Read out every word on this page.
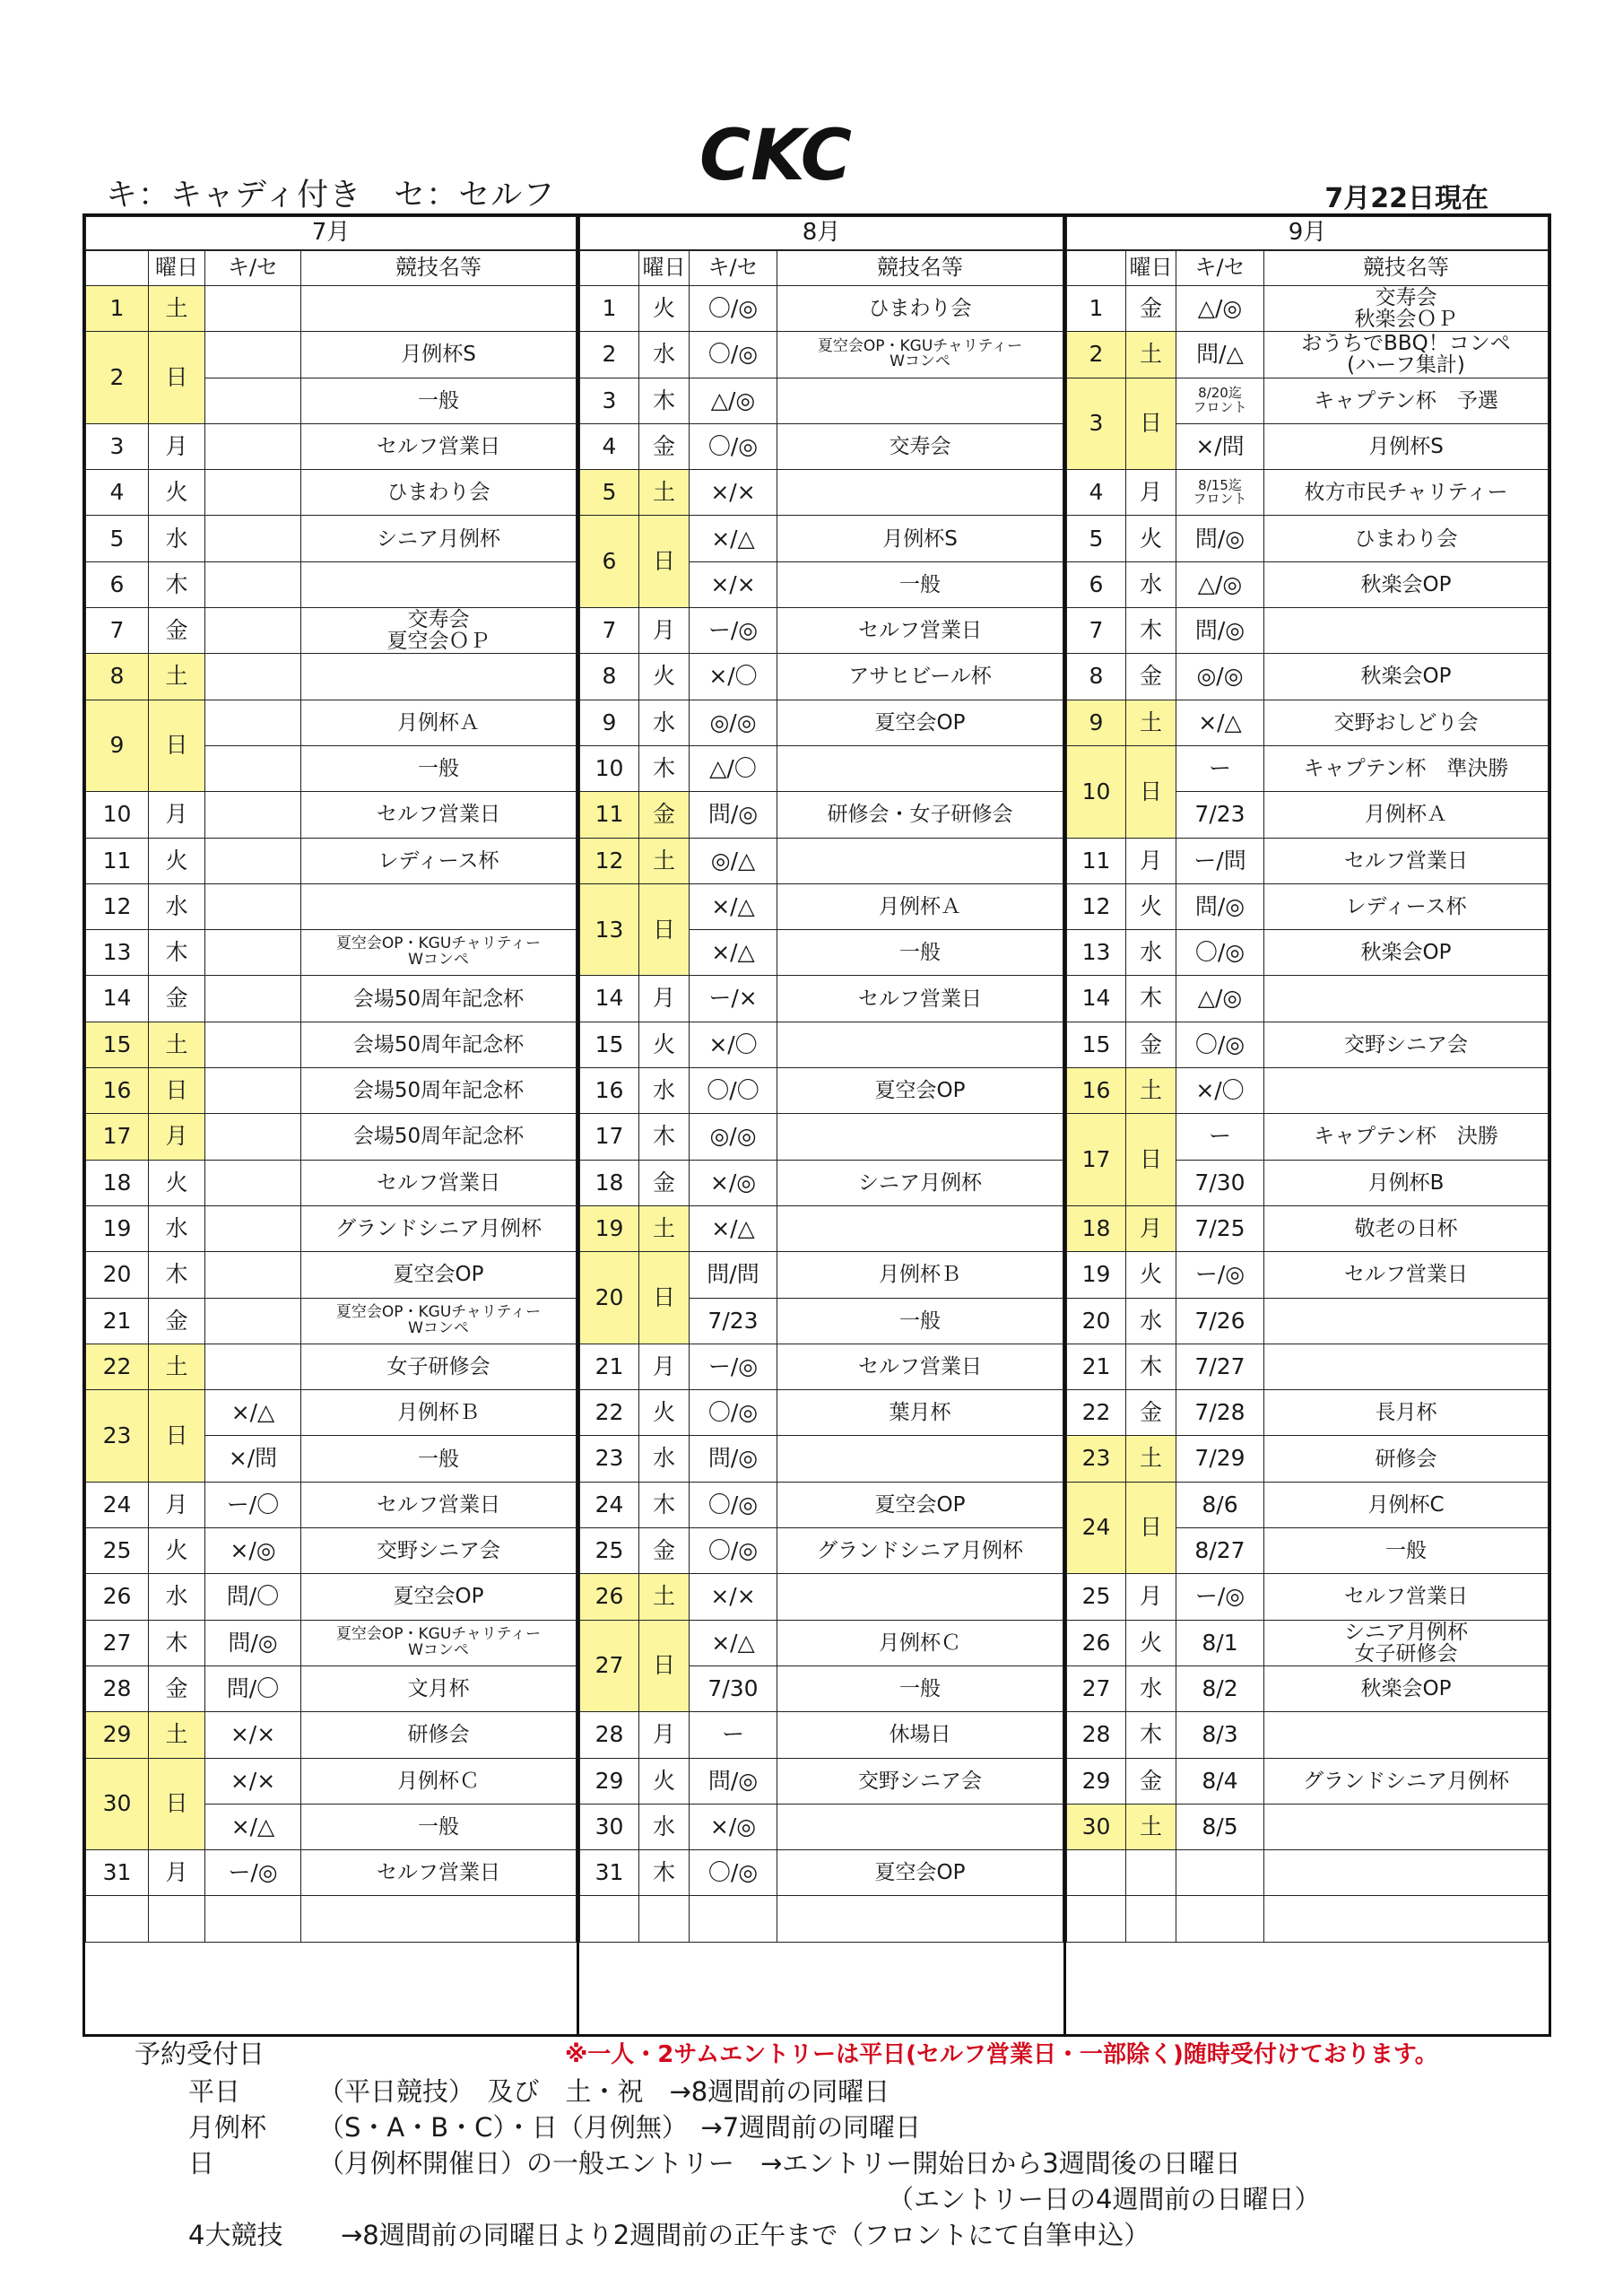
CKC
キ：キャディ付き　セ：セルフ	7月22日現在
7月			
	曜日	キ/セ	競技名等
1	土		
2	日		月例杯S
			一般
3	月		セルフ営業日
4	火		ひまわり会
5	水		シニア月例杯
6	木		
7	金		交寿会
夏空会ＯＰ
8	土		
9	日		月例杯Ａ
			一般
10	月		セルフ営業日
11	火		レディース杯
12	水		
13	木		夏空会OP・KGUチャリティー
Wコンペ
14	金		会場50周年記念杯
15	土		会場50周年記念杯
16	日		会場50周年記念杯
17	月		会場50周年記念杯
18	火		セルフ営業日
19	水		グランドシニア月例杯
20	木		夏空会OP
21	金		夏空会OP・KGUチャリティー
Wコンペ
22	土		女子研修会
23	日	×/△	月例杯Ｂ
		×/問	一般
24	月	ー/〇	セルフ営業日
25	火	×/◎	交野シニア会
26	水	問/〇	夏空会OP
27	木	問/◎	夏空会OP・KGUチャリティー
Wコンペ
28	金	問/〇	文月杯
29	土	×/×	研修会
30	日	×/×	月例杯Ｃ
		×/△	一般
31	月	ー/◎	セルフ営業日

8月			
	曜日	キ/セ	競技名等
1	火	〇/◎	ひまわり会
2	水	〇/◎	夏空会OP・KGUチャリティー
Wコンペ
3	木	△/◎	
4	金	〇/◎	交寿会
5	土	×/×	
6	日	×/△	月例杯S
		×/×	一般
7	月	ー/◎	セルフ営業日
8	火	×/〇	アサヒビール杯
9	水	◎/◎	夏空会OP
10	木	△/〇	
11	金	問/◎	研修会・女子研修会
12	土	◎/△	
13	日	×/△	月例杯Ａ
		×/△	一般
14	月	ー/×	セルフ営業日
15	火	×/〇	
16	水	〇/〇	夏空会OP
17	木	◎/◎	
18	金	×/◎	シニア月例杯
19	土	×/△	
20	日	問/問	月例杯Ｂ
		7/23	一般
21	月	ー/◎	セルフ営業日
22	火	〇/◎	葉月杯
23	水	問/◎	
24	木	〇/◎	夏空会OP
25	金	〇/◎	グランドシニア月例杯
26	土	×/×	
27	日	×/△	月例杯Ｃ
		7/30	一般
28	月	ー	休場日
29	火	問/◎	交野シニア会
30	水	×/◎	
31	木	〇/◎	夏空会OP

9月			
	曜日	キ/セ	競技名等
1	金	△/◎	交寿会
秋楽会ＯＰ
2	土	問/△	おうちでBBQ！コンペ
(ハーフ集計)
3	日	8/20迄
フロント	キャプテン杯　予選
		×/問	月例杯S
4	月	8/15迄
フロント	枚方市民チャリティー
5	火	問/◎	ひまわり会
6	水	△/◎	秋楽会OP
7	木	問/◎	
8	金	◎/◎	秋楽会OP
9	土	×/△	交野おしどり会
10	日	ー	キャプテン杯　準決勝
		7/23	月例杯Ａ
11	月	ー/問	セルフ営業日
12	火	問/◎	レディース杯
13	水	〇/◎	秋楽会OP
14	木	△/◎	
15	金	〇/◎	交野シニア会
16	土	×/〇	
17	日	ー	キャプテン杯　決勝
		7/30	月例杯B
18	月	7/25	敬老の日杯
19	火	ー/◎	セルフ営業日
20	水	7/26	
21	木	7/27	
22	金	7/28	長月杯
23	土	7/29	研修会
24	日	8/6	月例杯C
		8/27	一般
25	月	ー/◎	セルフ営業日
26	火	8/1	シニア月例杯
女子研修会
27	水	8/2	秋楽会OP
28	木	8/3	
29	金	8/4	グランドシニア月例杯
30	土	8/5	

予約受付日	※一人・2サムエントリーは平日(セルフ営業日・一部除く)随時受付けております。
平日	（平日競技）　及び　土・祝　→8週間前の同曜日
月例杯 （S・A・B・C）・日（月例無）　→7週間前の同曜日
日	（月例杯開催日）の一般エントリー　→エントリー開始日から3週間後の日曜日
（エントリー日の4週間前の日曜日）
4大競技 →8週間前の同曜日より2週間前の正午まで（フロントにて自筆申込）
